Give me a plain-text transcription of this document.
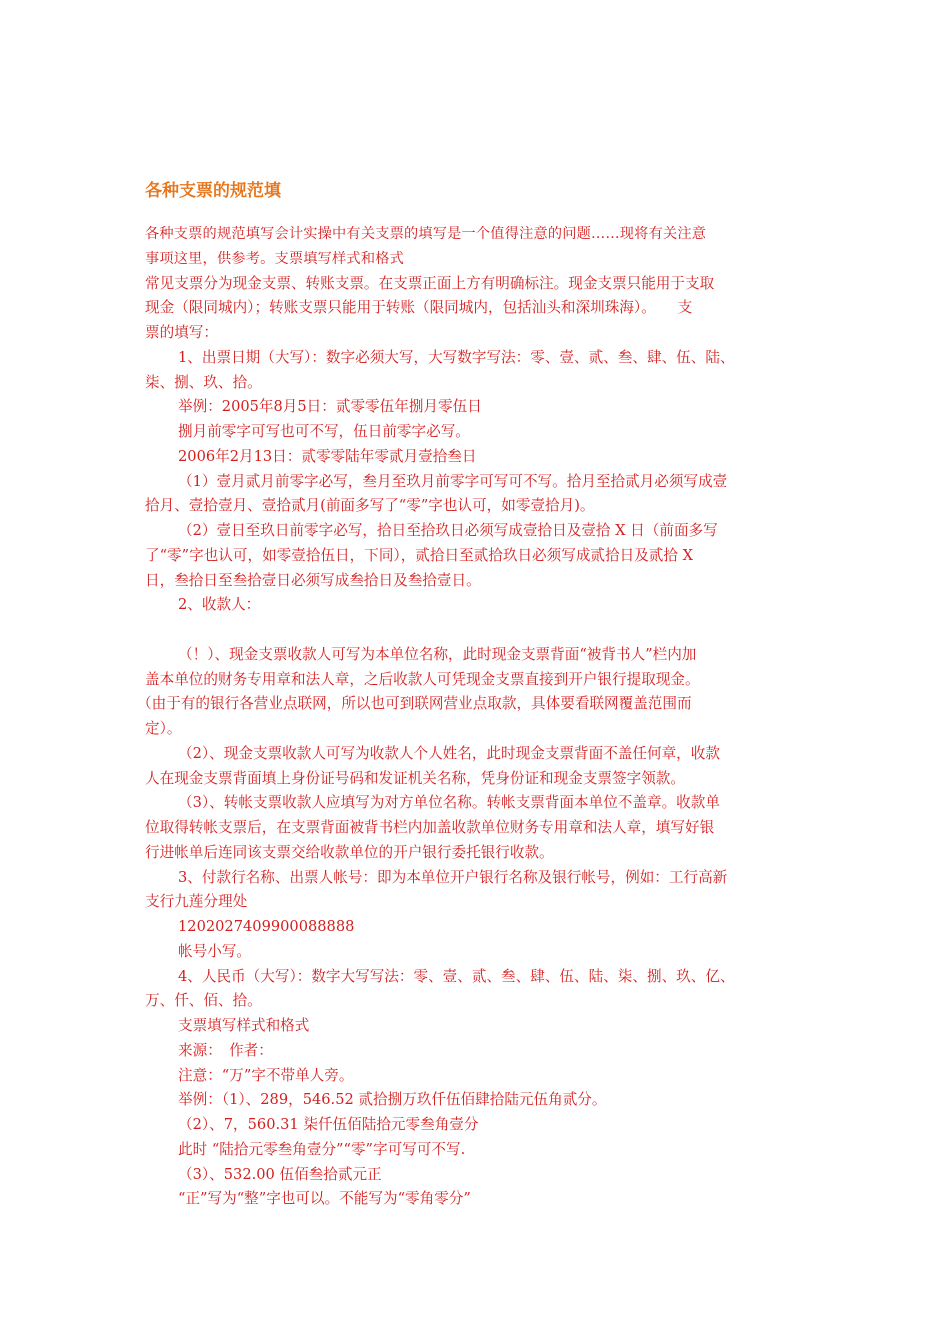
各种支票的规范填
各种支票的规范填写会计实操中有关支票的填写是一个值得注意的问题……现将有关注意
事项这里，供参考。支票填写样式和格式
常见支票分为现金支票、转账支票。在支票正面上方有明确标注。现金支票只能用于支取
现金（限同城内）；转账支票只能用于转账（限同城内，包括汕头和深圳珠海）。　　支
票的填写：
1、出票日期（大写）：数字必须大写，大写数字写法：零、壹、贰、叁、肆、伍、陆、
柒、捌、玖、拾。
举例：2005年8月5日：贰零零伍年捌月零伍日
捌月前零字可写也可不写，伍日前零字必写。
2006年2月13日：贰零零陆年零贰月壹拾叁日
（1）壹月贰月前零字必写，叁月至玖月前零字可写可不写。拾月至拾贰月必须写成壹
拾月、壹拾壹月、壹拾贰月(前面多写了“零”字也认可，如零壹拾月)。
（2）壹日至玖日前零字必写，拾日至拾玖日必须写成壹拾日及壹拾 X 日（前面多写
了“零”字也认可，如零壹拾伍日，下同），贰拾日至贰拾玖日必须写成贰拾日及贰拾 X
日，叁拾日至叁拾壹日必须写成叁拾日及叁拾壹日。
2、收款人：
（！）、现金支票收款人可写为本单位名称，此时现金支票背面“被背书人”栏内加
盖本单位的财务专用章和法人章，之后收款人可凭现金支票直接到开户银行提取现金。
（由于有的银行各营业点联网，所以也可到联网营业点取款，具体要看联网覆盖范围而
定）。
（2）、现金支票收款人可写为收款人个人姓名，此时现金支票背面不盖任何章，收款
人在现金支票背面填上身份证号码和发证机关名称，凭身份证和现金支票签字领款。
（3）、转帐支票收款人应填写为对方单位名称。转帐支票背面本单位不盖章。收款单
位取得转帐支票后，在支票背面被背书栏内加盖收款单位财务专用章和法人章，填写好银
行进帐单后连同该支票交给收款单位的开户银行委托银行收款。
3、付款行名称、出票人帐号：即为本单位开户银行名称及银行帐号，例如：工行高新
支行九莲分理处
1202027409900088888
帐号小写。
4、人民币（大写）：数字大写写法：零、壹、贰、叁、肆、伍、陆、柒、捌、玖、亿、
万、仟、佰、拾。
支票填写样式和格式
来源：　作者：
注意：“万”字不带单人旁。
举例：（1）、289，546.52 贰拾捌万玖仟伍佰肆拾陆元伍角贰分。
（2）、7，560.31 柒仟伍佰陆拾元零叁角壹分
此时 “陆拾元零叁角壹分”“零”字可写可不写.
（3）、532.00 伍佰叁拾贰元正
“正”写为“整”字也可以。不能写为“零角零分”
